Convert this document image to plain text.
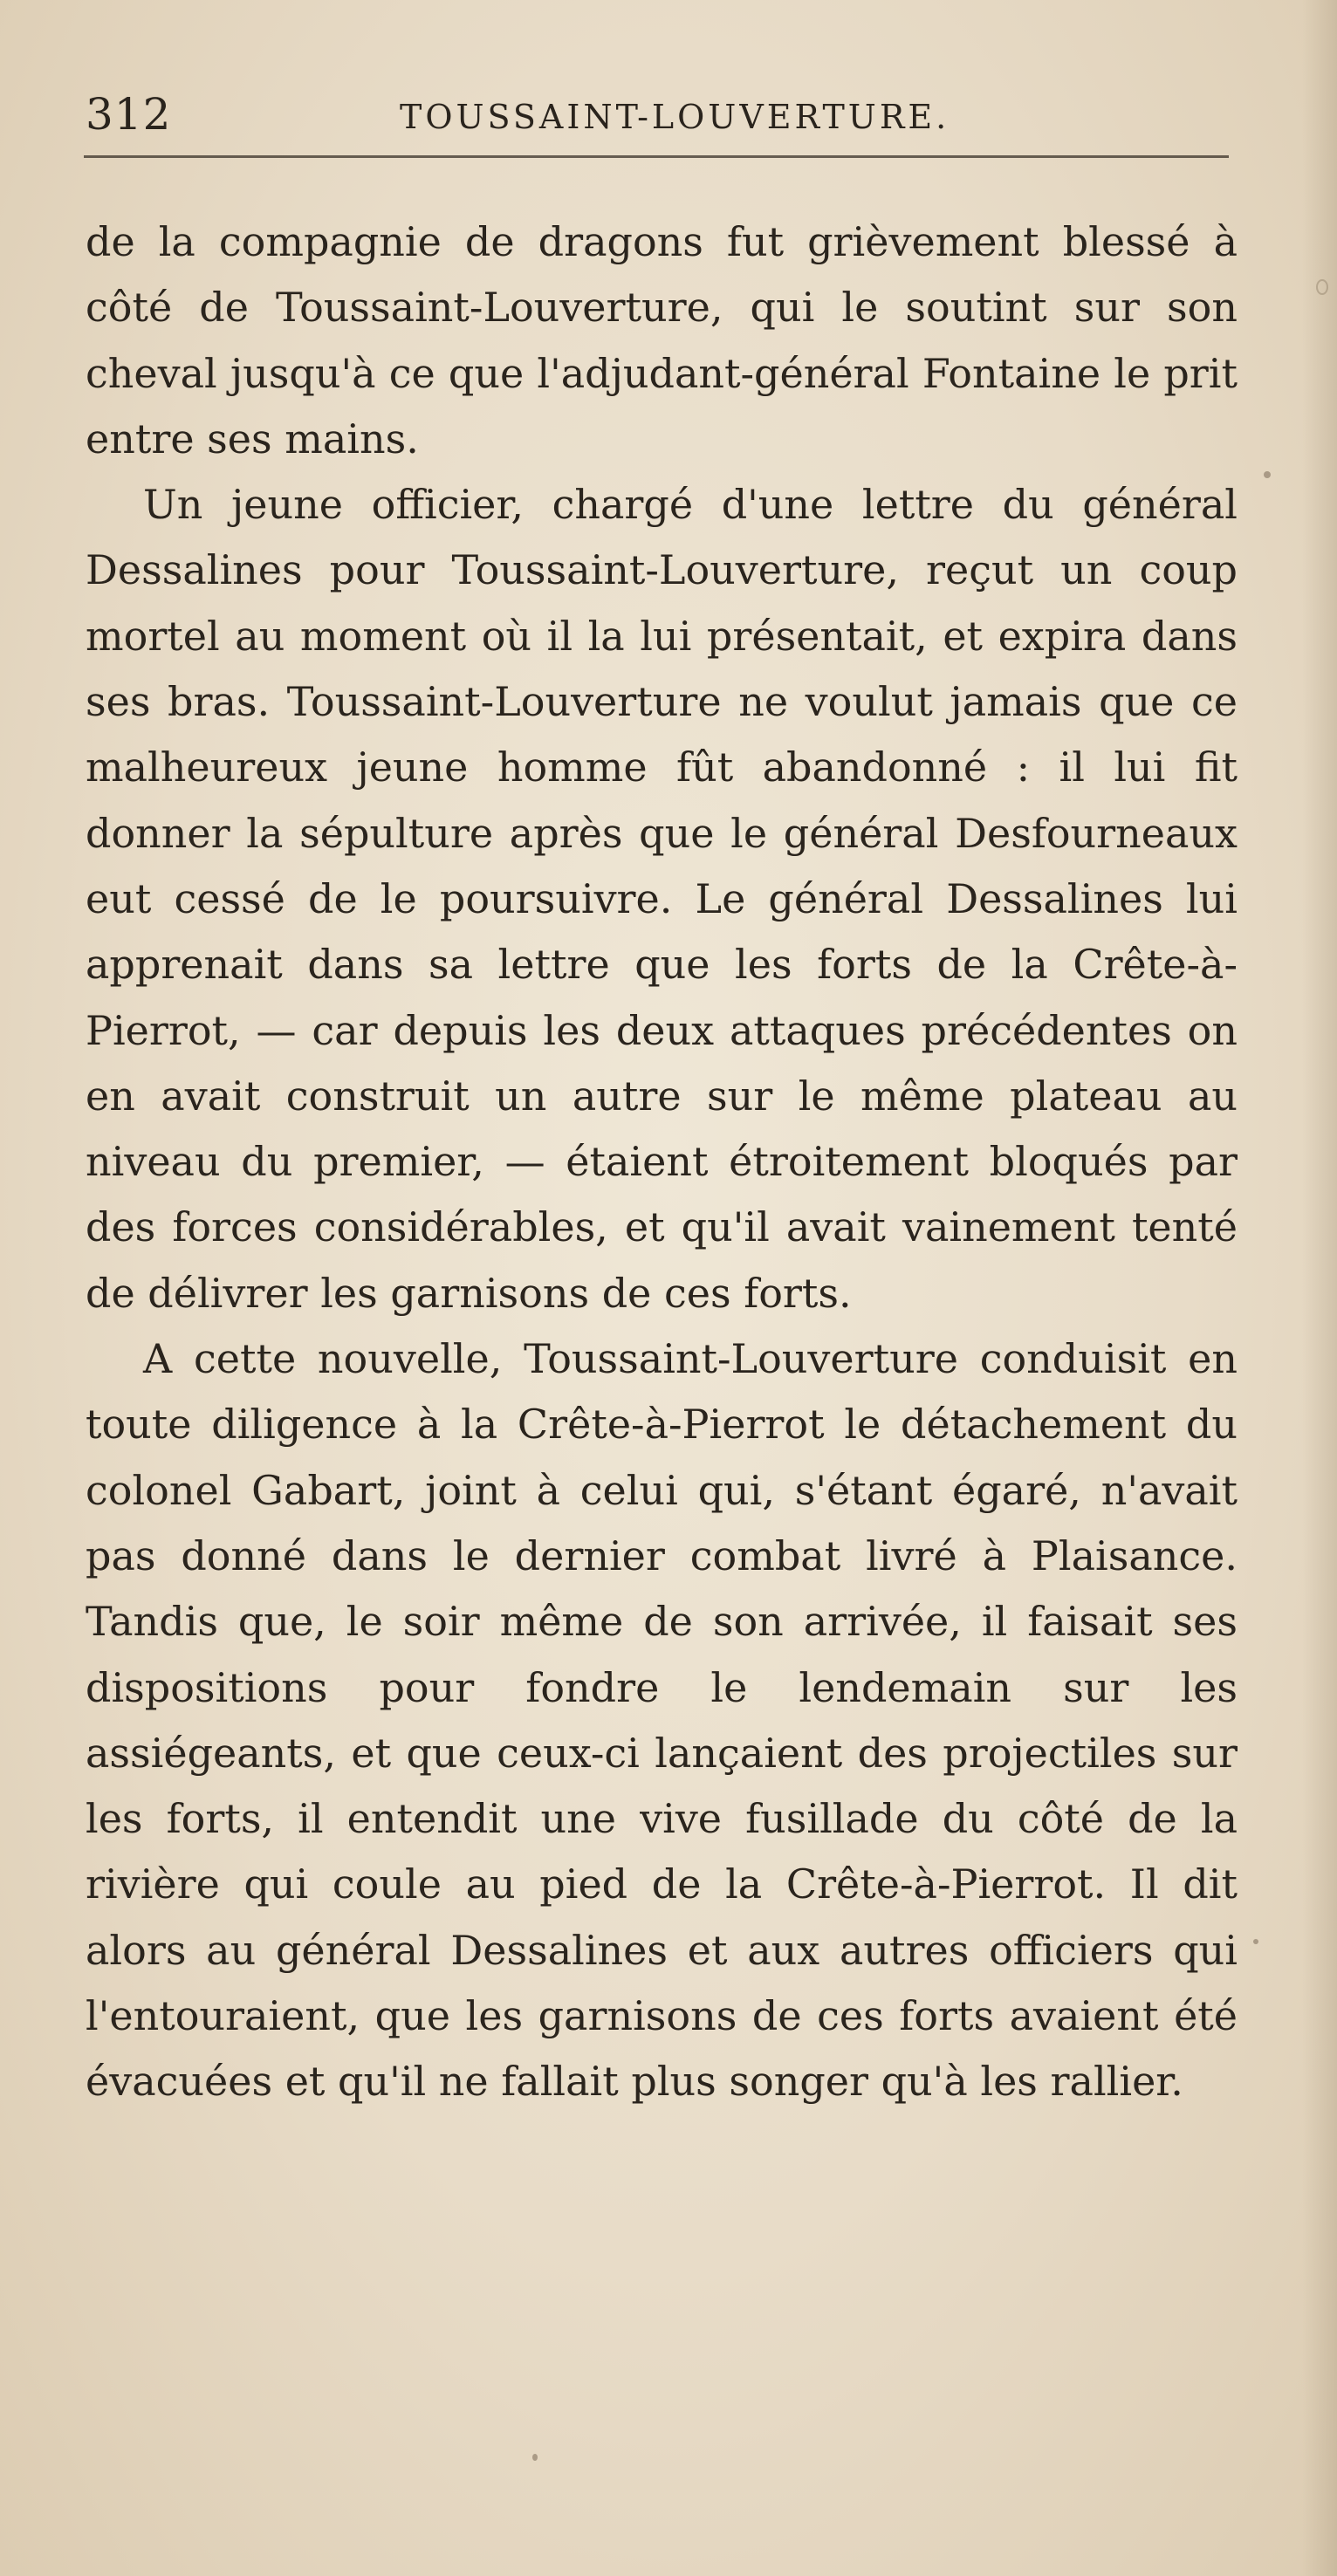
312	TOUSSAINT-LOUVERTURE.

de la compagnie de dragons fut grièvement blessé à côté de Toussaint-Louverture, qui le soutint sur son cheval jusqu'à ce que l'adjudant-général Fontaine le prit entre ses mains.

Un jeune officier, chargé d'une lettre du général Dessalines pour Toussaint-Louverture, reçut un coup mortel au moment où il la lui présentait, et expira dans ses bras. Toussaint-Louverture ne voulut jamais que ce malheureux jeune homme fût abandonné : il lui fit donner la sépulture après que le général Desfourneaux eut cessé de le poursuivre. Le général Dessalines lui apprenait dans sa lettre que les forts de la Crête-à-Pierrot, — car depuis les deux attaques précédentes on en avait construit un autre sur le même plateau au niveau du premier, — étaient étroitement bloqués par des forces considérables, et qu'il avait vainement tenté de délivrer les garnisons de ces forts.

A cette nouvelle, Toussaint-Louverture conduisit en toute diligence à la Crête-à-Pierrot le détachement du colonel Gabart, joint à celui qui, s'étant égaré, n'avait pas donné dans le dernier combat livré à Plaisance. Tandis que, le soir même de son arrivée, il faisait ses dispositions pour fondre le lendemain sur les assiégeants, et que ceux-ci lançaient des projectiles sur les forts, il entendit une vive fusillade du côté de la rivière qui coule au pied de la Crête-à-Pierrot. Il dit alors au général Dessalines et aux autres officiers qui l'entouraient, que les garnisons de ces forts avaient été évacuées et qu'il ne fallait plus songer qu'à les rallier.
